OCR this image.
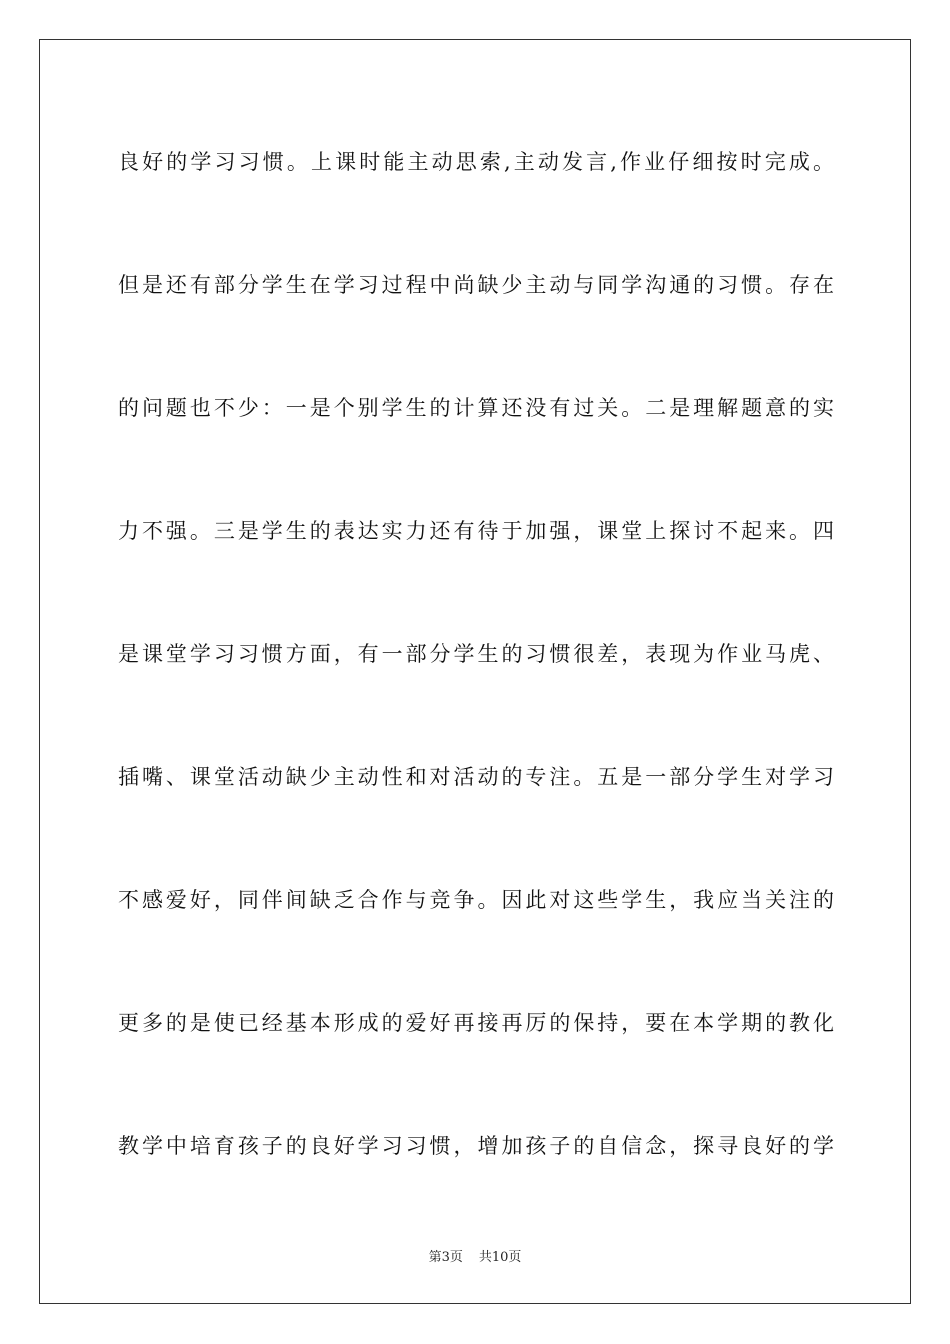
良好的学习习惯。上课时能主动思索,主动发言,作业仔细按时完成。
但是还有部分学生在学习过程中尚缺少主动与同学沟通的习惯。存在
的问题也不少：一是个别学生的计算还没有过关。二是理解题意的实
力不强。三是学生的表达实力还有待于加强，课堂上探讨不起来。四
是课堂学习习惯方面，有一部分学生的习惯很差，表现为作业马虎、
插嘴、课堂活动缺少主动性和对活动的专注。五是一部分学生对学习
不感爱好，同伴间缺乏合作与竞争。因此对这些学生，我应当关注的
更多的是使已经基本形成的爱好再接再厉的保持，要在本学期的教化
教学中培育孩子的良好学习习惯，增加孩子的自信念，探寻良好的学
第3页 共10页
